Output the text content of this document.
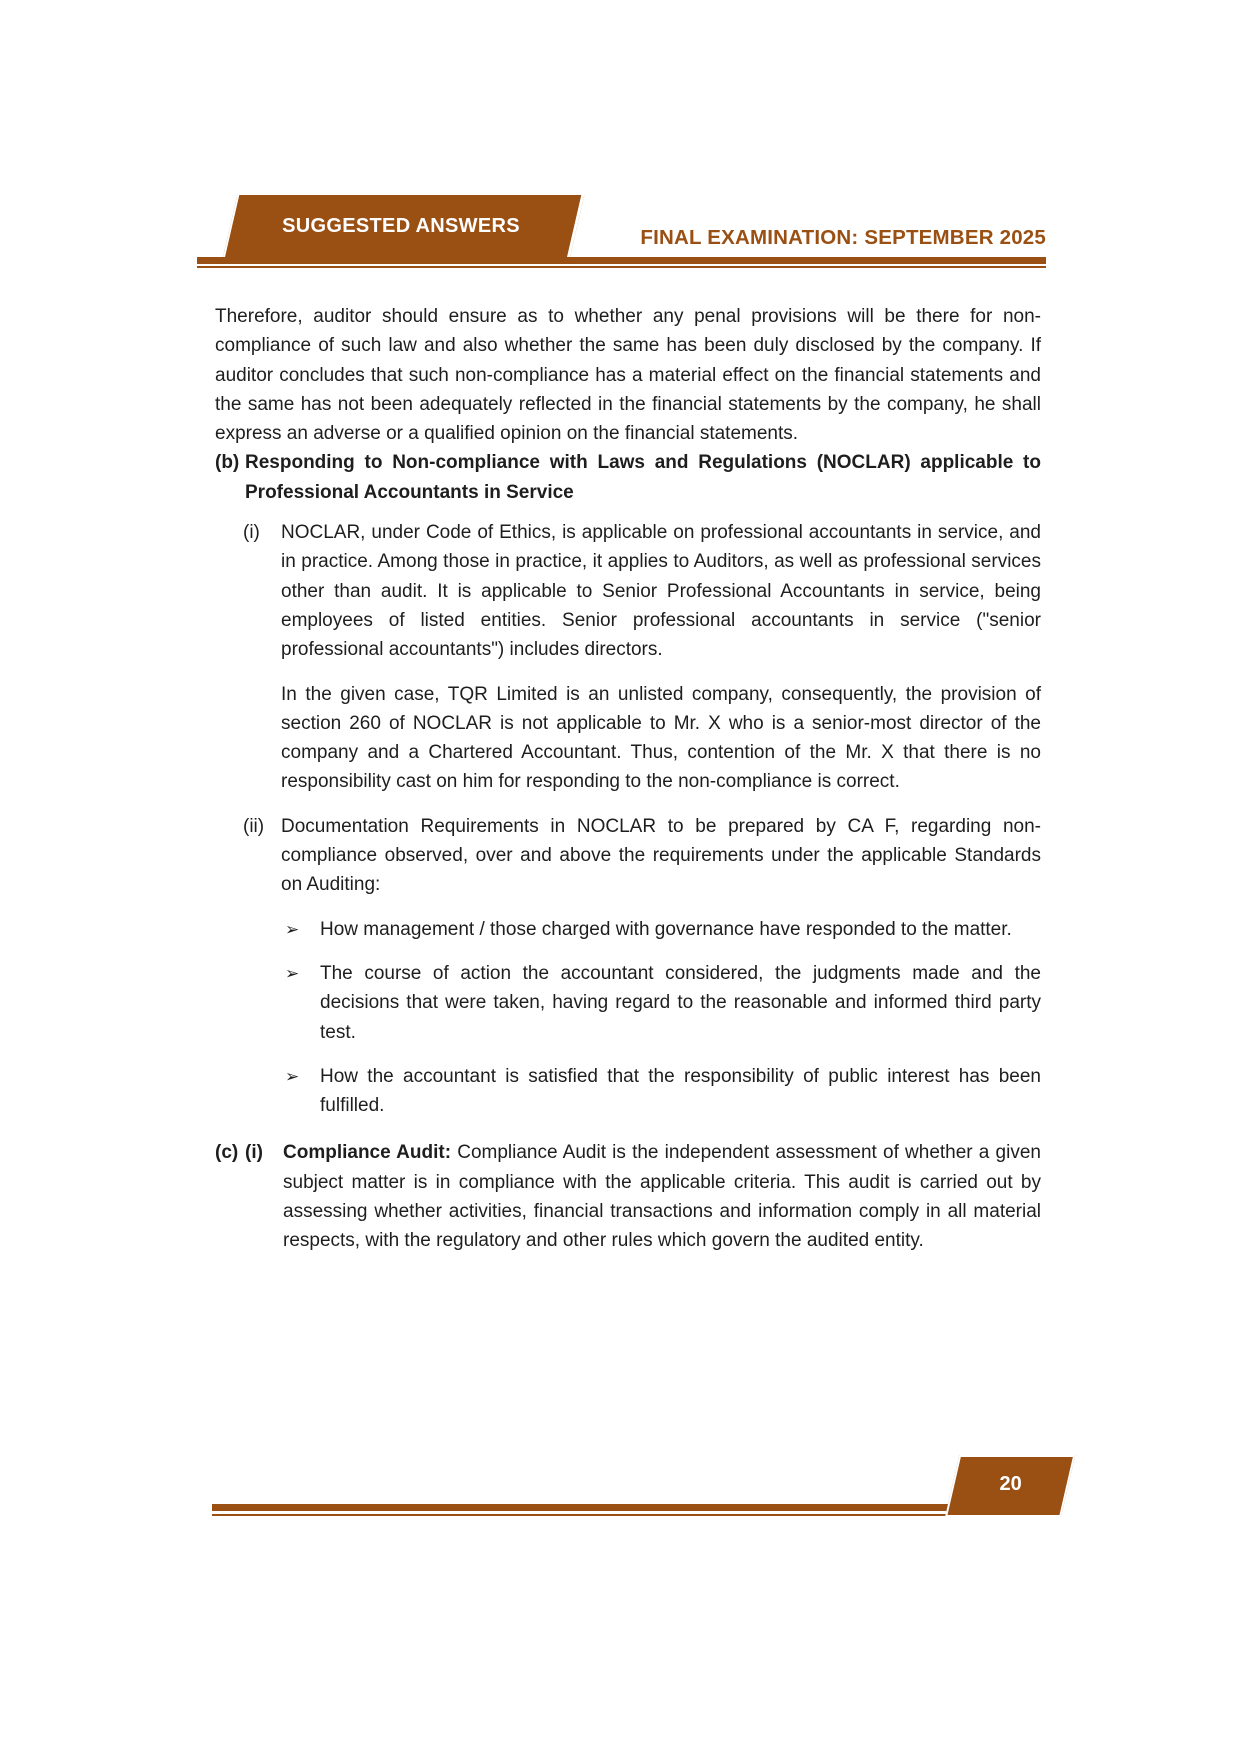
SUGGESTED ANSWERS	FINAL EXAMINATION: SEPTEMBER 2025

Therefore, auditor should ensure as to whether any penal provisions will be there for non-compliance of such law and also whether the same has been duly disclosed by the company. If auditor concludes that such non-compliance has a material effect on the financial statements and the same has not been adequately reflected in the financial statements by the company, he shall express an adverse or a qualified opinion on the financial statements.

(b) Responding to Non-compliance with Laws and Regulations (NOCLAR) applicable to Professional Accountants in Service
(i)	NOCLAR, under Code of Ethics, is applicable on professional accountants in service, and in practice. Among those in practice, it applies to Auditors, as well as professional services other than audit. It is applicable to Senior Professional Accountants in service, being employees of listed entities. Senior professional accountants in service ("senior professional accountants") includes directors.

In the given case, TQR Limited is an unlisted company, consequently, the provision of section 260 of NOCLAR is not applicable to Mr. X who is a senior-most director of the company and a Chartered Accountant. Thus, contention of the Mr. X that there is no responsibility cast on him for responding to the non-compliance is correct.

(ii) Documentation Requirements in NOCLAR to be prepared by CA F, regarding non-compliance observed, over and above the requirements under the applicable Standards on Auditing:

➢	How management / those charged with governance have responded to the matter.

➢	The course of action the accountant considered, the judgments made and the decisions that were taken, having regard to the reasonable and informed third party test.

➢	How the accountant is satisfied that the responsibility of public interest has been fulfilled.

(c) (i)	Compliance Audit: Compliance Audit is the independent assessment of whether a given subject matter is in compliance with the applicable criteria. This audit is carried out by assessing whether activities, financial transactions and information comply in all material respects, with the regulatory and other rules which govern the audited entity.

20
